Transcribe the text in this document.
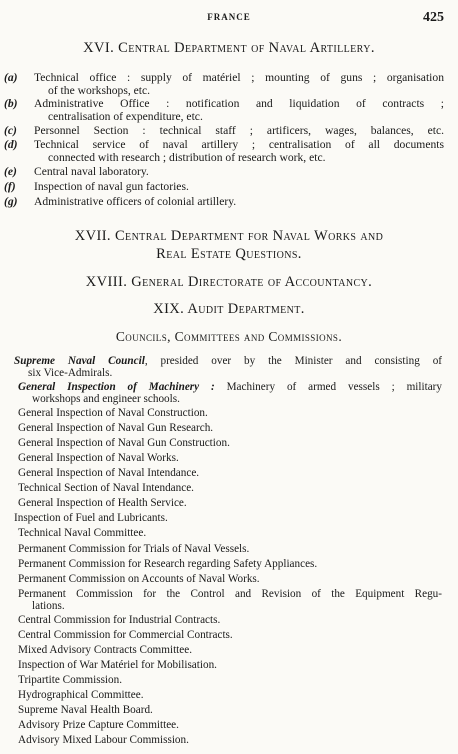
FRANCE	425
XVI. Central Department of Naval Artillery.
(a)	Technical office : supply of matériel ; mounting of guns ; organisation
of the workshops, etc.
(b)	Administrative Office : notification and liquidation of contracts ;
centralisation of expenditure, etc.
(c)	Personnel Section : technical staff ; artificers, wages, balances, etc.
(d)	Technical service of naval artillery ; centralisation of all documents
connected with research ; distribution of research work, etc.
(e)	Central naval laboratory.
(f)	Inspection of naval gun factories.
(g)	Administrative officers of colonial artillery.
XVII. Central Department for Naval Works and
Real Estate Questions.
XVIII. General Directorate of Accountancy.
XIX. Audit Department.
Councils, Committees and Commissions.
Supreme Naval Council, presided over by the Minister and consisting of
six Vice-Admirals.
General Inspection of Machinery : Machinery of armed vessels ; military
workshops and engineer schools.
General Inspection of Naval Construction.
General Inspection of Naval Gun Research.
General Inspection of Naval Gun Construction.
General Inspection of Naval Works.
General Inspection of Naval Intendance.
Technical Section of Naval Intendance.
General Inspection of Health Service.
Inspection of Fuel and Lubricants.
Technical Naval Committee.
Permanent Commission for Trials of Naval Vessels.
Permanent Commission for Research regarding Safety Appliances.
Permanent Commission on Accounts of Naval Works.
Permanent Commission for the Control and Revision of the Equipment Regu-
lations.
Central Commission for Industrial Contracts.
Central Commission for Commercial Contracts.
Mixed Advisory Contracts Committee.
Inspection of War Matériel for Mobilisation.
Tripartite Commission.
Hydrographical Committee.
Supreme Naval Health Board.
Advisory Prize Capture Committee.
Advisory Mixed Labour Commission.
